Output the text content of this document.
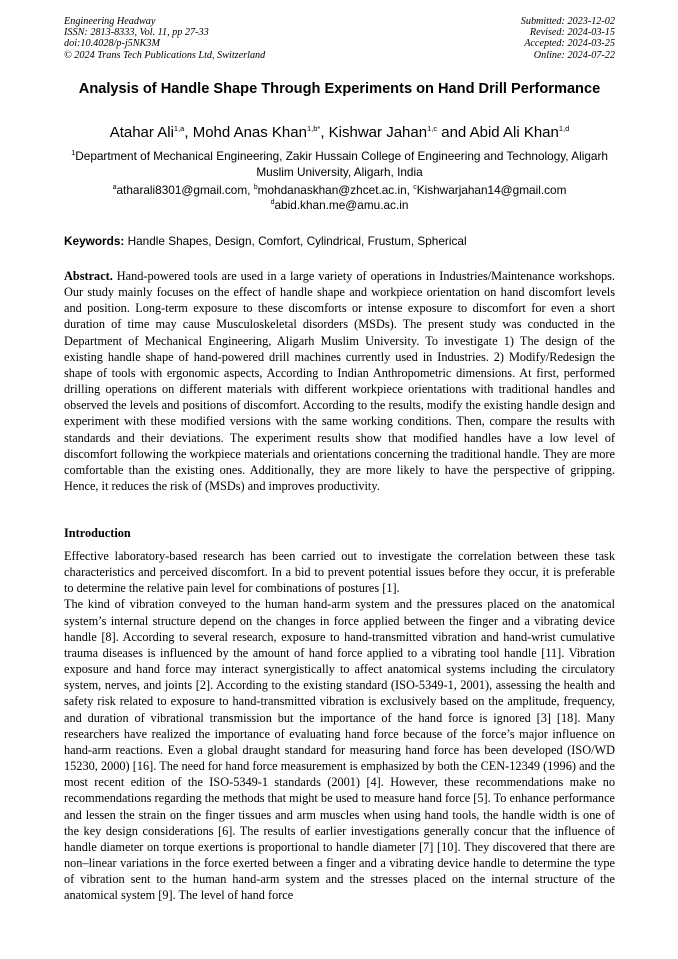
Engineering Headway
ISSN: 2813-8333, Vol. 11, pp 27-33
doi:10.4028/p-j5NK3M
© 2024 Trans Tech Publications Ltd, Switzerland
Submitted: 2023-12-02
Revised: 2024-03-15
Accepted: 2024-03-25
Online: 2024-07-22
Analysis of Handle Shape Through Experiments on Hand Drill Performance
Atahar Ali$^{1,a}$, Mohd Anas Khan$^{1,b*}$, Kishwar Jahan$^{1,c}$ and Abid Ali Khan$^{1,d}$
$^1$Department of Mechanical Engineering, Zakir Hussain College of Engineering and Technology, Aligarh Muslim University, Aligarh, India
$^a$atharali8301@gmail.com, $^b$mohdanaskhan@zhcet.ac.in, $^c$Kishwarjahan14@gmail.com
$^d$abid.khan.me@amu.ac.in
Keywords: Handle Shapes, Design, Comfort, Cylindrical, Frustum, Spherical
Abstract. Hand-powered tools are used in a large variety of operations in Industries/Maintenance workshops. Our study mainly focuses on the effect of handle shape and workpiece orientation on hand discomfort levels and position. Long-term exposure to these discomforts or intense exposure to discomfort for even a short duration of time may cause Musculoskeletal disorders (MSDs). The present study was conducted in the Department of Mechanical Engineering, Aligarh Muslim University. To investigate 1) The design of the existing handle shape of hand-powered drill machines currently used in Industries. 2) Modify/Redesign the shape of tools with ergonomic aspects, According to Indian Anthropometric dimensions. At first, performed drilling operations on different materials with different workpiece orientations with traditional handles and observed the levels and positions of discomfort. According to the results, modify the existing handle design and experiment with these modified versions with the same working conditions. Then, compare the results with standards and their deviations. The experiment results show that modified handles have a low level of discomfort following the workpiece materials and orientations concerning the traditional handle. They are more comfortable than the existing ones. Additionally, they are more likely to have the perspective of gripping. Hence, it reduces the risk of (MSDs) and improves productivity.
Introduction

Effective laboratory-based research has been carried out to investigate the correlation between these task characteristics and perceived discomfort. In a bid to prevent potential issues before they occur, it is preferable to determine the relative pain level for combinations of postures [1].

The kind of vibration conveyed to the human hand-arm system and the pressures placed on the anatomical system’s internal structure depend on the changes in force applied between the finger and a vibrating device handle [8]. According to several research, exposure to hand-transmitted vibration and hand-wrist cumulative trauma diseases is influenced by the amount of hand force applied to a vibrating tool handle [11]. Vibration exposure and hand force may interact synergistically to affect anatomical systems including the circulatory system, nerves, and joints [2]. According to the existing standard (ISO-5349-1, 2001), assessing the health and safety risk related to exposure to hand-transmitted vibration is exclusively based on the amplitude, frequency, and duration of vibrational transmission but the importance of the hand force is ignored [3] [18]. Many researchers have realized the importance of evaluating hand force because of the force’s major influence on hand-arm reactions. Even a global draught standard for measuring hand force has been developed (ISO/WD 15230, 2000) [16]. The need for hand force measurement is emphasized by both the CEN-12349 (1996) and the most recent edition of the ISO-5349-1 standards (2001) [4]. However, these recommendations make no recommendations regarding the methods that might be used to measure hand force [5]. To enhance performance and lessen the strain on the finger tissues and arm muscles when using hand tools, the handle width is one of the key design considerations [6]. The results of earlier investigations generally concur that the influence of handle diameter on torque exertions is proportional to handle diameter [7] [10]. They discovered that there are non–linear variations in the force exerted between a finger and a vibrating device handle to determine the type of vibration sent to the human hand-arm system and the stresses placed on the internal structure of the anatomical system [9]. The level of hand force
